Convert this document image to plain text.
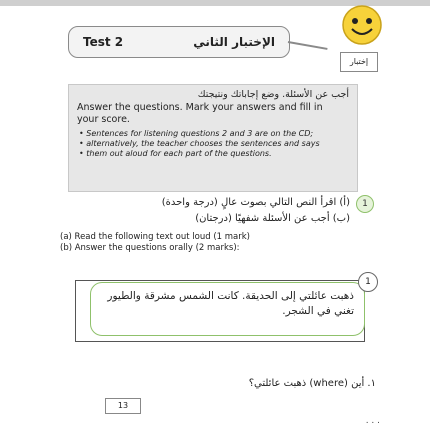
Test 2	الإختبار الثاني
إختبار

أجب عن الأسئلة. وضع إجاباتك ونتيجتك

Answer the questions. Mark your answers and fill in

your score.

• Sentences for listening questions 2 and 3 are on the CD;

• alternatively, the teacher chooses the sentences and says

• them out aloud for each part of the questions.

1
(أ) اقرأ النص التالي بصوت عالٍ (درجة واحدة)
(ب) أجب عن الأسئلة شفهيًا (درجتان)
(a) Read the following text out loud (1 mark)
(b) Answer the questions orally (2 marks):
ذهبت عائلتي إلى الحديقة. كانت الشمس مشرقة والطيور تغني في الشجر.
1
١. أين (where) ذهبت عائلتي؟
13
. . .
